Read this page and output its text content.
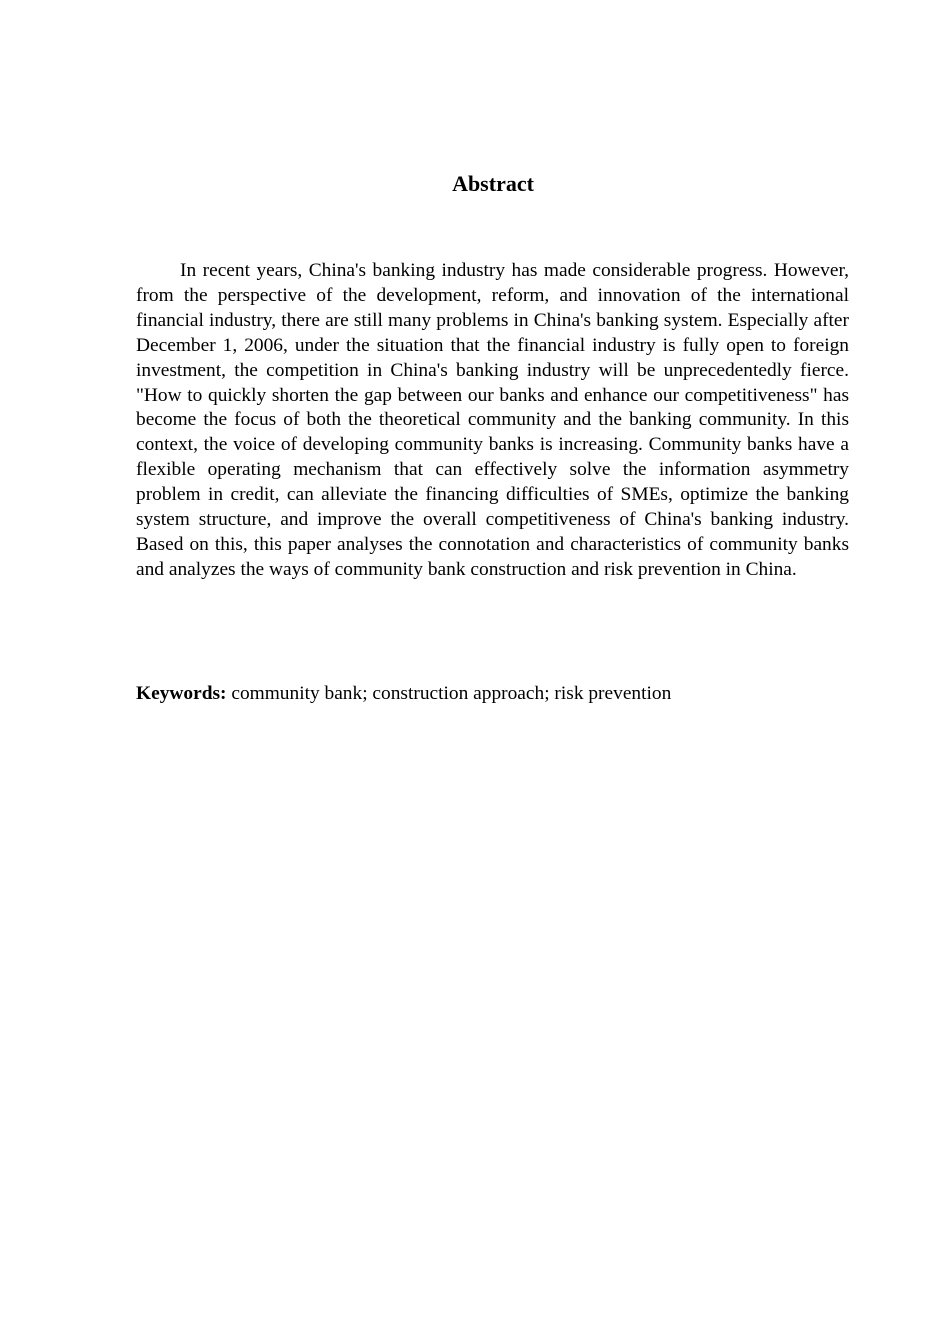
Abstract

In recent years, China's banking industry has made considerable progress. However, from the perspective of the development, reform, and innovation of the international financial industry, there are still many problems in China's banking system. Especially after December 1, 2006, under the situation that the financial industry is fully open to foreign investment, the competition in China's banking industry will be unprecedentedly fierce. "How to quickly shorten the gap between our banks and enhance our competitiveness" has become the focus of both the theoretical community and the banking community. In this context, the voice of developing community banks is increasing. Community banks have a flexible operating mechanism that can effectively solve the information asymmetry problem in credit, can alleviate the financing difficulties of SMEs, optimize the banking system structure, and improve the overall competitiveness of China's banking industry. Based on this, this paper analyses the connotation and characteristics of community banks and analyzes the ways of community bank construction and risk prevention in China.

Keywords: community bank; construction approach; risk prevention
